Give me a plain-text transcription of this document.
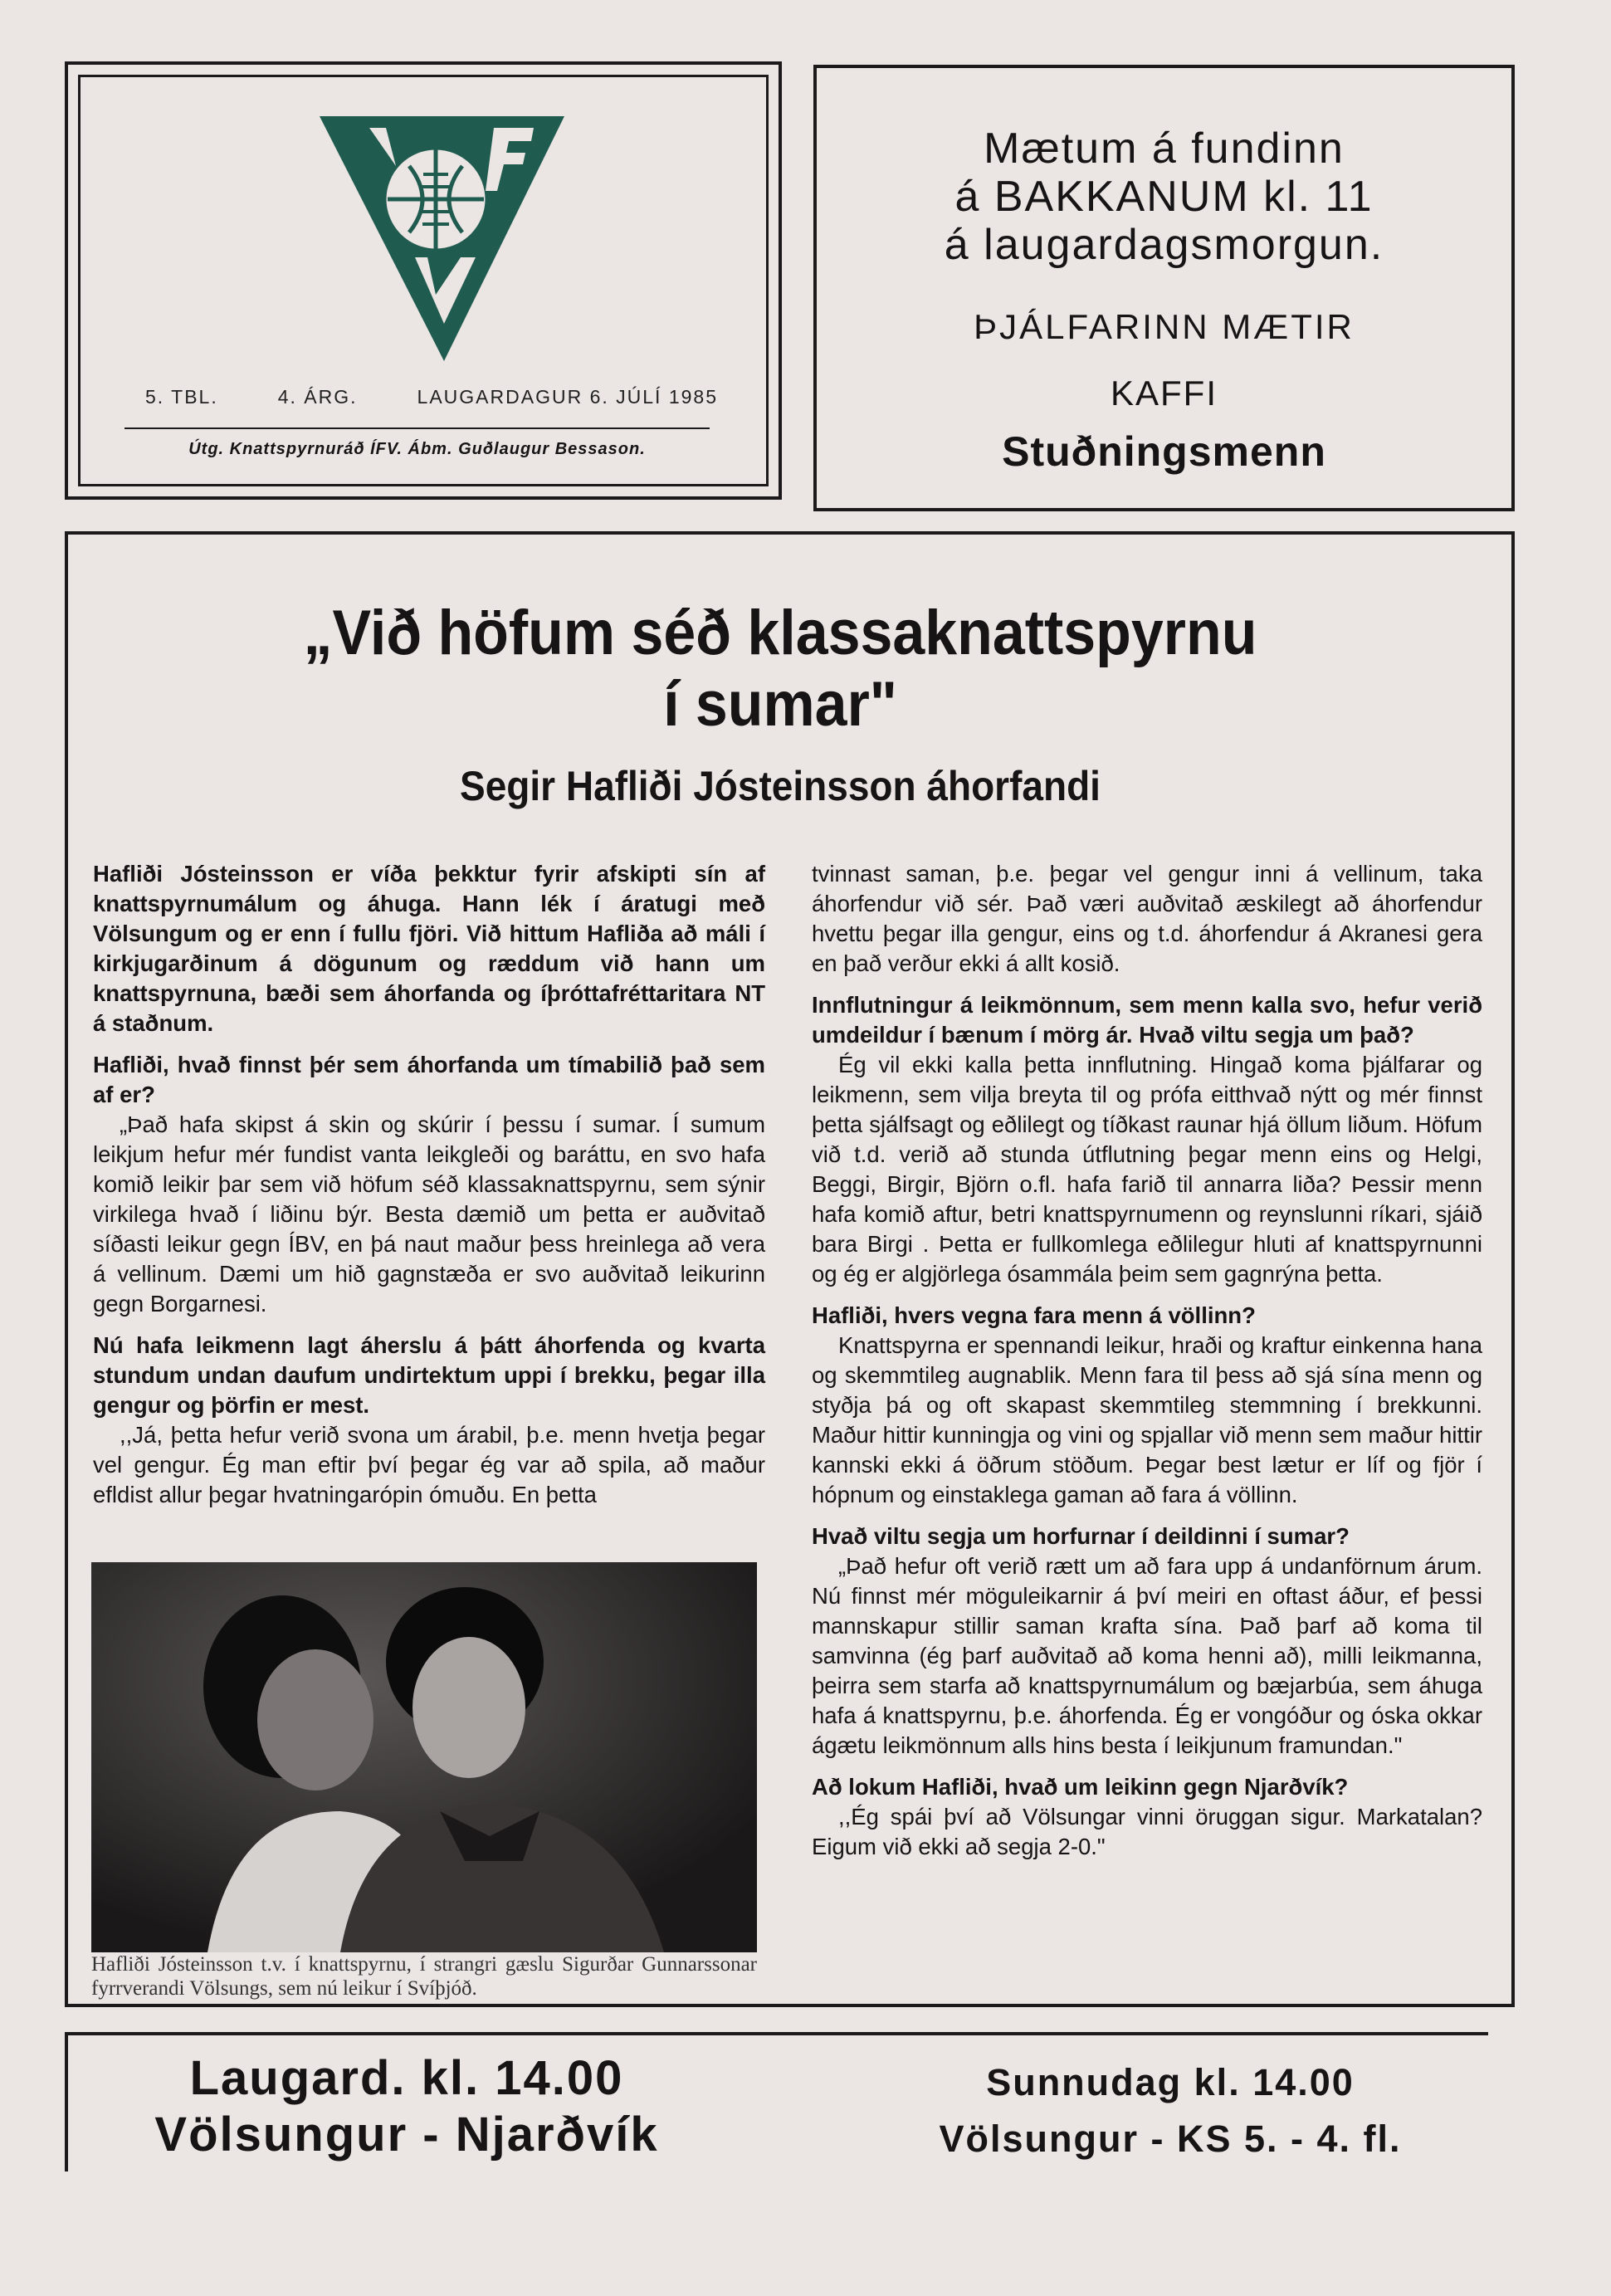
5. TBL.	4. ÁRG.	LAUGARDAGUR 6. JÚLÍ 1985
Útg. Knattspyrnuráð ÍFV. Ábm. Guðlaugur Bessason.
Mætum á fundinn
á BAKKANUM kl. 11
á laugardagsmorgun.
ÞJÁLFARINN MÆTIR
KAFFI
Stuðningsmenn
„Við höfum séð klassaknattspyrnu
í sumar"
Segir Hafliði Jósteinsson áhorfandi

Hafliði Jósteinsson er víða þekktur fyrir afskipti sín af knattspyrnumálum og áhuga. Hann lék í áratugi með Völsungum og er enn í fullu fjöri. Við hittum Hafliða að máli í kirkjugarðinum á dögunum og ræddum við hann um knattspyrnuna, bæði sem áhorfanda og íþróttafréttaritara NT á staðnum.

Hafliði, hvað finnst þér sem áhorfanda um tímabilið það sem af er?

„Það hafa skipst á skin og skúrir í þessu í sumar. Í sumum leikjum hefur mér fundist vanta leikgleði og baráttu, en svo hafa komið leikir þar sem við höfum séð klassaknattspyrnu, sem sýnir virkilega hvað í liðinu býr. Besta dæmið um þetta er auðvitað síðasti leikur gegn ÍBV, en þá naut maður þess hreinlega að vera á vellinum. Dæmi um hið gagnstæða er svo auðvitað leikurinn gegn Borgarnesi.

Nú hafa leikmenn lagt áherslu á þátt áhorfenda og kvarta stundum undan daufum undirtektum uppi í brekku, þegar illa gengur og þörfin er mest.

,,Já, þetta hefur verið svona um árabil, þ.e. menn hvetja þegar vel gengur. Ég man eftir því þegar ég var að spila, að maður efldist allur þegar hvatningarópin ómuðu. En þetta

Hafliði Jósteinsson t.v. í knattspyrnu, í strangri gæslu Sigurðar Gunnarssonar fyrrverandi Völsungs, sem nú leikur í Svíþjóð.

tvinnast saman, þ.e. þegar vel gengur inni á vellinum, taka áhorfendur við sér. Það væri auðvitað æskilegt að áhorfendur hvettu þegar illa gengur, eins og t.d. áhorfendur á Akranesi gera en það verður ekki á allt kosið.

Innflutningur á leikmönnum, sem menn kalla svo, hefur verið umdeildur í bænum í mörg ár. Hvað viltu segja um það?

Ég vil ekki kalla þetta innflutning. Hingað koma þjálfarar og leikmenn, sem vilja breyta til og prófa eitthvað nýtt og mér finnst þetta sjálfsagt og eðlilegt og tíðkast raunar hjá öllum liðum. Höfum við t.d. verið að stunda útflutning þegar menn eins og Helgi, Beggi, Birgir, Björn o.fl. hafa farið til annarra liða? Þessir menn hafa komið aftur, betri knattspyrnumenn og reynslunni ríkari, sjáið bara Birgi . Þetta er fullkomlega eðlilegur hluti af knattspyrnunni og ég er algjörlega ósammála þeim sem gagnrýna þetta.

Hafliði, hvers vegna fara menn á völlinn?

Knattspyrna er spennandi leikur, hraði og kraftur einkenna hana og skemmtileg augnablik. Menn fara til þess að sjá sína menn og styðja þá og oft skapast skemmtileg stemmning í brekkunni. Maður hittir kunningja og vini og spjallar við menn sem maður hittir kannski ekki á öðrum stöðum. Þegar best lætur er líf og fjör í hópnum og einstaklega gaman að fara á völlinn.

Hvað viltu segja um horfurnar í deildinni í sumar?

„Það hefur oft verið rætt um að fara upp á undanförnum árum. Nú finnst mér möguleikarnir á því meiri en oftast áður, ef þessi mannskapur stillir saman krafta sína. Það þarf að koma til samvinna (ég þarf auðvitað að koma henni að), milli leikmanna, þeirra sem starfa að knattspyrnumálum og bæjarbúa, sem áhuga hafa á knattspyrnu, þ.e. áhorfenda. Ég er vongóður og óska okkar ágætu leikmönnum alls hins besta í leikjunum framundan."

Að lokum Hafliði, hvað um leikinn gegn Njarðvík?

,,Ég spái því að Völsungar vinni öruggan sigur. Markatalan? Eigum við ekki að segja 2-0."

Laugard. kl. 14.00
Völsungur - Njarðvík
Sunnudag kl. 14.00
Völsungur - KS 5. - 4. fl.
